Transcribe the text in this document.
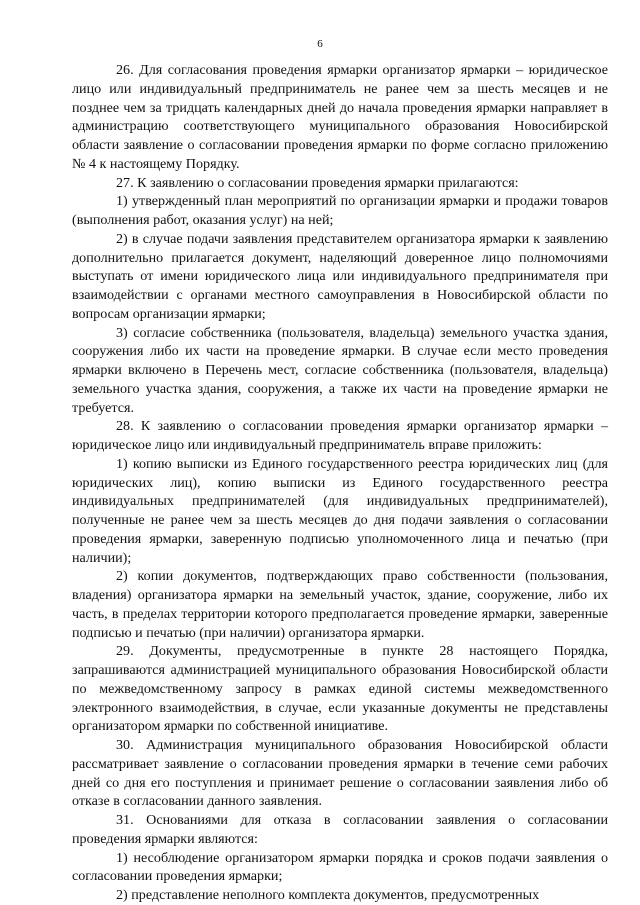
6

26. Для согласования проведения ярмарки организатор ярмарки – юридическое лицо или индивидуальный предприниматель не ранее чем за шесть месяцев и не позднее чем за тридцать календарных дней до начала проведения ярмарки направляет в администрацию соответствующего муниципального образования Новосибирской области заявление о согласовании проведения ярмарки по форме согласно приложению № 4 к настоящему Порядку.

27. К заявлению о согласовании проведения ярмарки прилагаются:

1) утвержденный план мероприятий по организации ярмарки и продажи товаров (выполнения работ, оказания услуг) на ней;

2) в случае подачи заявления представителем организатора ярмарки к заявлению дополнительно прилагается документ, наделяющий доверенное лицо полномочиями выступать от имени юридического лица или индивидуального предпринимателя при взаимодействии с органами местного самоуправления в Новосибирской области по вопросам организации ярмарки;

3) согласие собственника (пользователя, владельца) земельного участка здания, сооружения либо их части на проведение ярмарки. В случае если место проведения ярмарки включено в Перечень мест, согласие собственника (пользователя, владельца) земельного участка здания, сооружения, а также их части на проведение ярмарки не требуется.

28. К заявлению о согласовании проведения ярмарки организатор ярмарки – юридическое лицо или индивидуальный предприниматель вправе приложить:

1) копию выписки из Единого государственного реестра юридических лиц (для юридических лиц), копию выписки из Единого государственного реестра индивидуальных предпринимателей (для индивидуальных предпринимателей), полученные не ранее чем за шесть месяцев до дня подачи заявления о согласовании проведения ярмарки, заверенную подписью уполномоченного лица и печатью (при наличии);

2) копии документов, подтверждающих право собственности (пользования, владения) организатора ярмарки на земельный участок, здание, сооружение, либо их часть, в пределах территории которого предполагается проведение ярмарки, заверенные подписью и печатью (при наличии) организатора ярмарки.

29. Документы, предусмотренные в пункте 28 настоящего Порядка, запрашиваются администрацией муниципального образования Новосибирской области по межведомственному запросу в рамках единой системы межведомственного электронного взаимодействия, в случае, если указанные документы не представлены организатором ярмарки по собственной инициативе.

30. Администрация муниципального образования Новосибирской области рассматривает заявление о согласовании проведения ярмарки в течение семи рабочих дней со дня его поступления и принимает решение о согласовании заявления либо об отказе в согласовании данного заявления.

31. Основаниями для отказа в согласовании заявления о согласовании проведения ярмарки являются:

1) несоблюдение организатором ярмарки порядка и сроков подачи заявления о согласовании проведения ярмарки;

2) представление неполного комплекта документов, предусмотренных
